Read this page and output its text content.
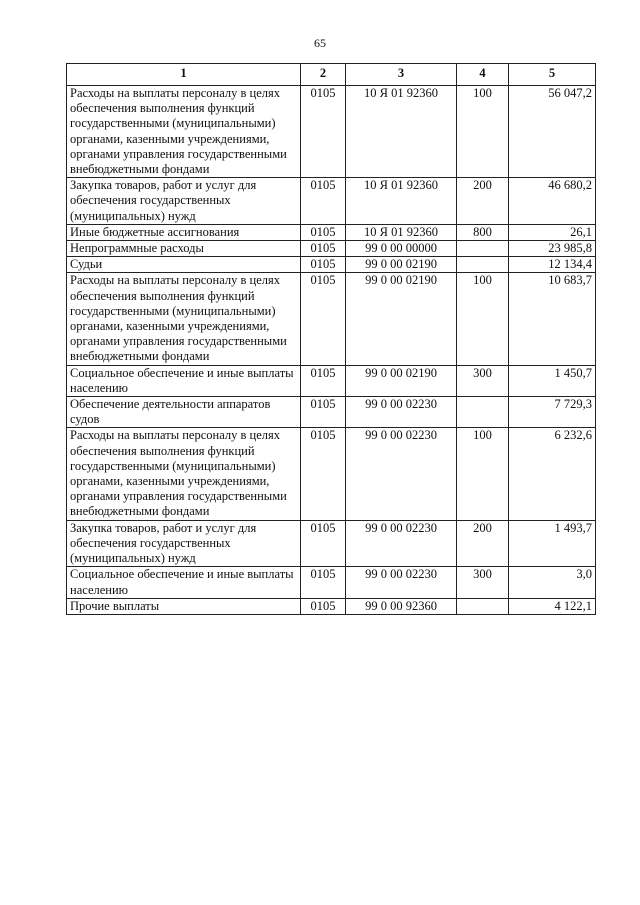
65
1	2	3	4	5
Расходы на выплаты персоналу в целях обеспечения выполнения функций государственными (муниципальными) органами, казенными учреждениями, органами управления государственными внебюджетными фондами	0105	10 Я 01 92360	100	56 047,2
Закупка товаров, работ и услуг для обеспечения государственных (муниципальных) нужд	0105	10 Я 01 92360	200	46 680,2
Иные бюджетные ассигнования	0105	10 Я 01 92360	800	26,1
Непрограммные расходы	0105	99 0 00 00000		23 985,8
Судьи	0105	99 0 00 02190		12 134,4
Расходы на выплаты персоналу в целях обеспечения выполнения функций государственными (муниципальными) органами, казенными учреждениями, органами управления государственными внебюджетными фондами	0105	99 0 00 02190	100	10 683,7
Социальное обеспечение и иные выплаты населению	0105	99 0 00 02190	300	1 450,7
Обеспечение деятельности аппаратов судов	0105	99 0 00 02230		7 729,3
Расходы на выплаты персоналу в целях обеспечения выполнения функций государственными (муниципальными) органами, казенными учреждениями, органами управления государственными внебюджетными фондами	0105	99 0 00 02230	100	6 232,6
Закупка товаров, работ и услуг для обеспечения государственных (муниципальных) нужд	0105	99 0 00 02230	200	1 493,7
Социальное обеспечение и иные выплаты населению	0105	99 0 00 02230	300	3,0
Прочие выплаты	0105	99 0 00 92360		4 122,1
